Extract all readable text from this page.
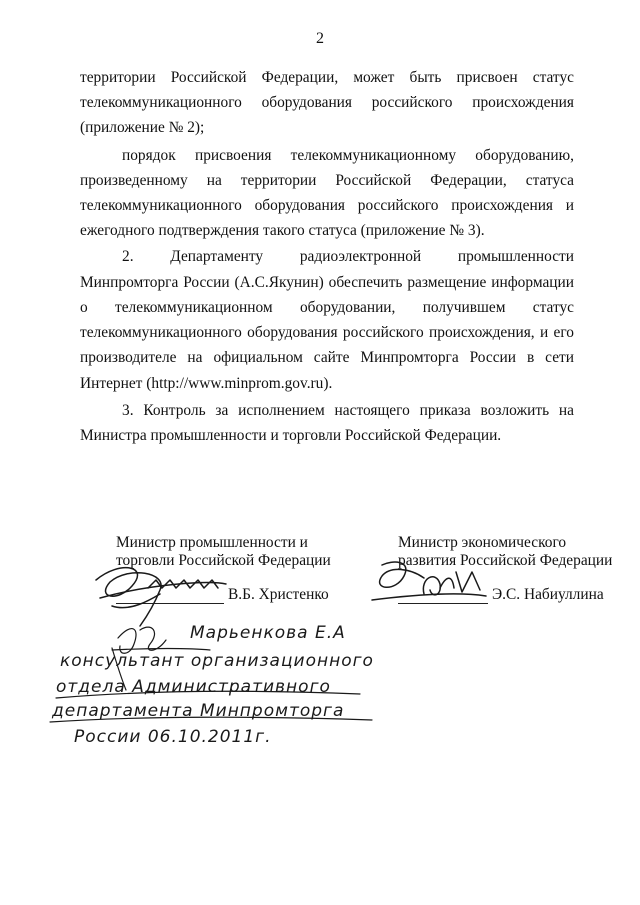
2
территории Российской Федерации, может быть присвоен статус
телекоммуникационного оборудования российского происхождения
(приложение № 2);
порядок присвоения телекоммуникационному оборудованию,
произведенному на территории Российской Федерации, статуса
телекоммуникационного оборудования российского происхождения и
ежегодного подтверждения такого статуса (приложение № 3).
2. Департаменту радиоэлектронной промышленности
Минпромторга России (А.С.Якунин) обеспечить размещение информации
о телекоммуникационном оборудовании, получившем статус
телекоммуникационного оборудования российского происхождения, и его
производителе на официальном сайте Минпромторга России в сети
Интернет (http://www.minprom.gov.ru).
3. Контроль за исполнением настоящего приказа возложить на
Министра промышленности и торговли Российской Федерации.
Министр промышленности и
торговли Российской Федерации
В.Б. Христенко
Министр экономического
развития Российской Федерации
Э.С. Набиуллина
Марьенкова Е.А
консультант организационного
отдела Административного
департамента Минпромторга
России 06.10.2011г.
